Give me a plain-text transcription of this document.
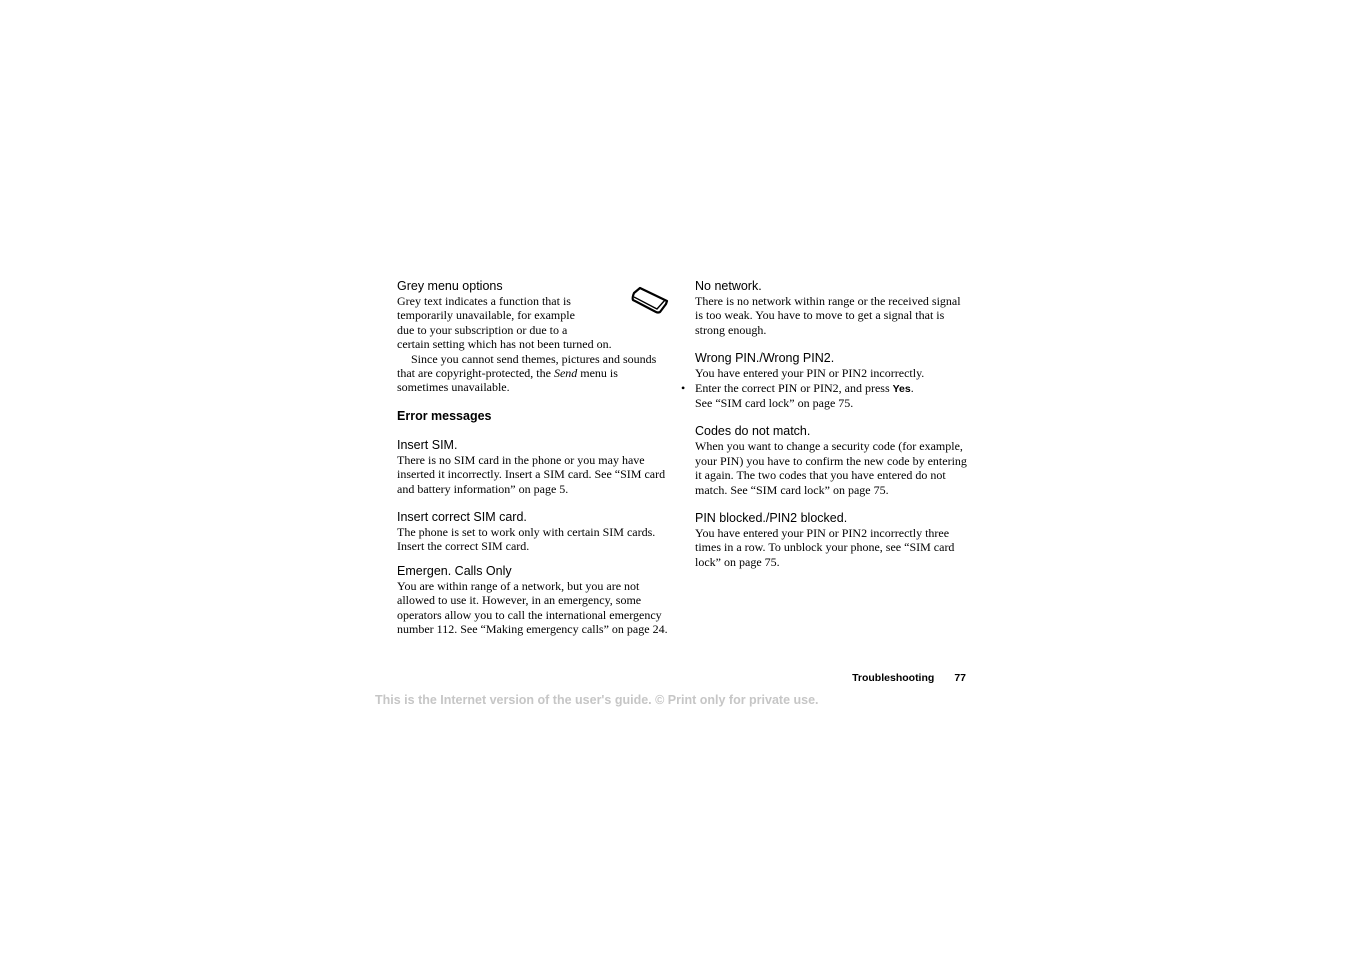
Grey menu options
Grey text indicates a function that is
temporarily unavailable, for example
due to your subscription or due to a
certain setting which has not been turned on.

Since you cannot send themes, pictures and sounds that are copyright-protected, the Send menu is sometimes unavailable.

Error messages
Insert SIM.

There is no SIM card in the phone or you may have inserted it incorrectly. Insert a SIM card. See “SIM card and battery information” on page 5.

Insert correct SIM card.

The phone is set to work only with certain SIM cards. Insert the correct SIM card.

Emergen. Calls Only

You are within range of a network, but you are not allowed to use it. However, in an emergency, some operators allow you to call the international emergency number 112. See “Making emergency calls” on page 24.

No network.

There is no network within range or the received signal is too weak. You have to move to get a signal that is strong enough.

Wrong PIN./Wrong PIN2.

You have entered your PIN or PIN2 incorrectly.

• Enter the correct PIN or PIN2, and press Yes.

See “SIM card lock” on page 75.

Codes do not match.

When you want to change a security code (for example, your PIN) you have to confirm the new code by entering it again. The two codes that you have entered do not match. See “SIM card lock” on page 75.

PIN blocked./PIN2 blocked.

You have entered your PIN or PIN2 incorrectly three times in a row. To unblock your phone, see “SIM card lock” on page 75.

Troubleshooting 77
This is the Internet version of the user's guide. © Print only for private use.
